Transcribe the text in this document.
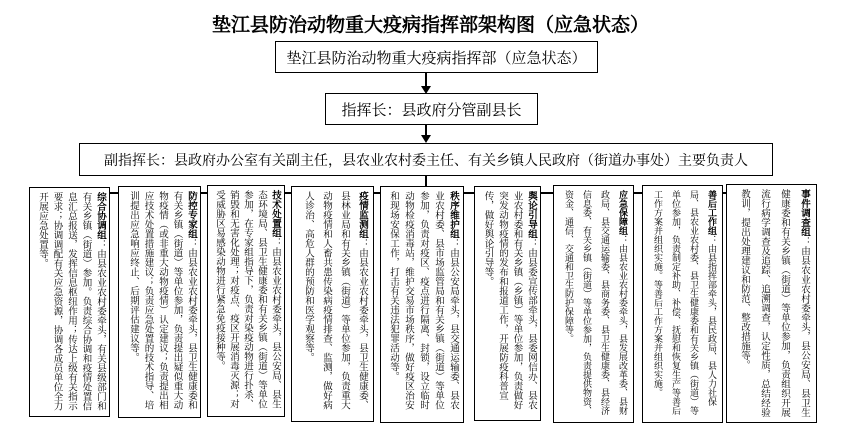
垫江县防治动物重大疫病指挥部架构图（应急状态）
垫江县防治动物重大疫病指挥部（应急状态）
指挥长：县政府分管副县长
副指挥长：县政府办公室有关副主任，县农业农村委主任、有关乡镇人民政府（街道办事处）主要负责人
综合协调组：由县农业农村委牵头，有关县级部门和有关乡镇（街道）参加。负责综合协调和疫情处置信息汇总报送，发挥信息枢纽作用；传达上级有关指示要求；协调调配有关应急资源，协调各成员单位全力开展应急处置等。	防控专家组：由县农业农村委牵头，县卫生健康委和有关乡镇（街道）等单位参加，负责提出疑似重大动物疫情（或非重大动物疫情）认定建议；负责提出相应技术处置措施建议；负责应急处置的技术指导、培训提出应急响应终止、后期评估建议等。	技术处置组：由县农业农村委牵头，县公安局、县生态环境局、县卫生健康委和有关乡镇（街道）等单位参加，在专家组指导下，负责对染疫动物进行扑杀、销毁和无害化处理；对疫点、疫区开展消毒灭源；对受威胁区易感染动物进行紧急免疫接种等。	疫情监测组：由县农业农村委牵头，县卫生健康委、县林业局和有关乡镇（街道）等单位参加，负责重大动物疫情和人畜共患传染病疫情排查、监测，做好病人诊治、高危人群的预防和医学观察等。	秩序维护组：由县公安局牵头，县交通运输委、县农业农村委、县市场监管局和有关乡镇（街道）等单位参加，负责对疫区、疫点进行隔离、封锁，设立临时动物检疫消毒站，维护交易市场秩序，做好疫区治安和现场安保工作，打击有关违法犯罪活动等。	舆论引导组：由县委宣传部牵头，县委网信办、县农业农村委和有关乡镇（乡镇）等单位参加，负责做好突发动物疫情的发布和报道工作，开展防疫科普宣传，做好舆论引导等。	应急保障组：由县农业农村委牵头，县发展改革委、县财政局、县交通运输委、县商务委、县卫生健康委、县经济信息委、有关乡镇（街道）等单位参加，负责提供物资、资金、通信、交通和卫生防护保障等。	善后工作组：由县指挥部牵头，县民政局、县人力社保局、县农业农村委、县卫生健康委和有关乡镇（街道）等单位参加，负责制定补助、补偿、抚慰和恢复生产等善后工作方案并组织实施。等善后工作方案并组织实施。	事件调查组：由县农业农村委牵头，县公安局、县卫生健康委和有关乡镇（街道）等单位参加，负责组织开展流行病学调查及追踪、追溯调查，认定性质，总结经验教训，提出处理建议和防范、整改措施等。
